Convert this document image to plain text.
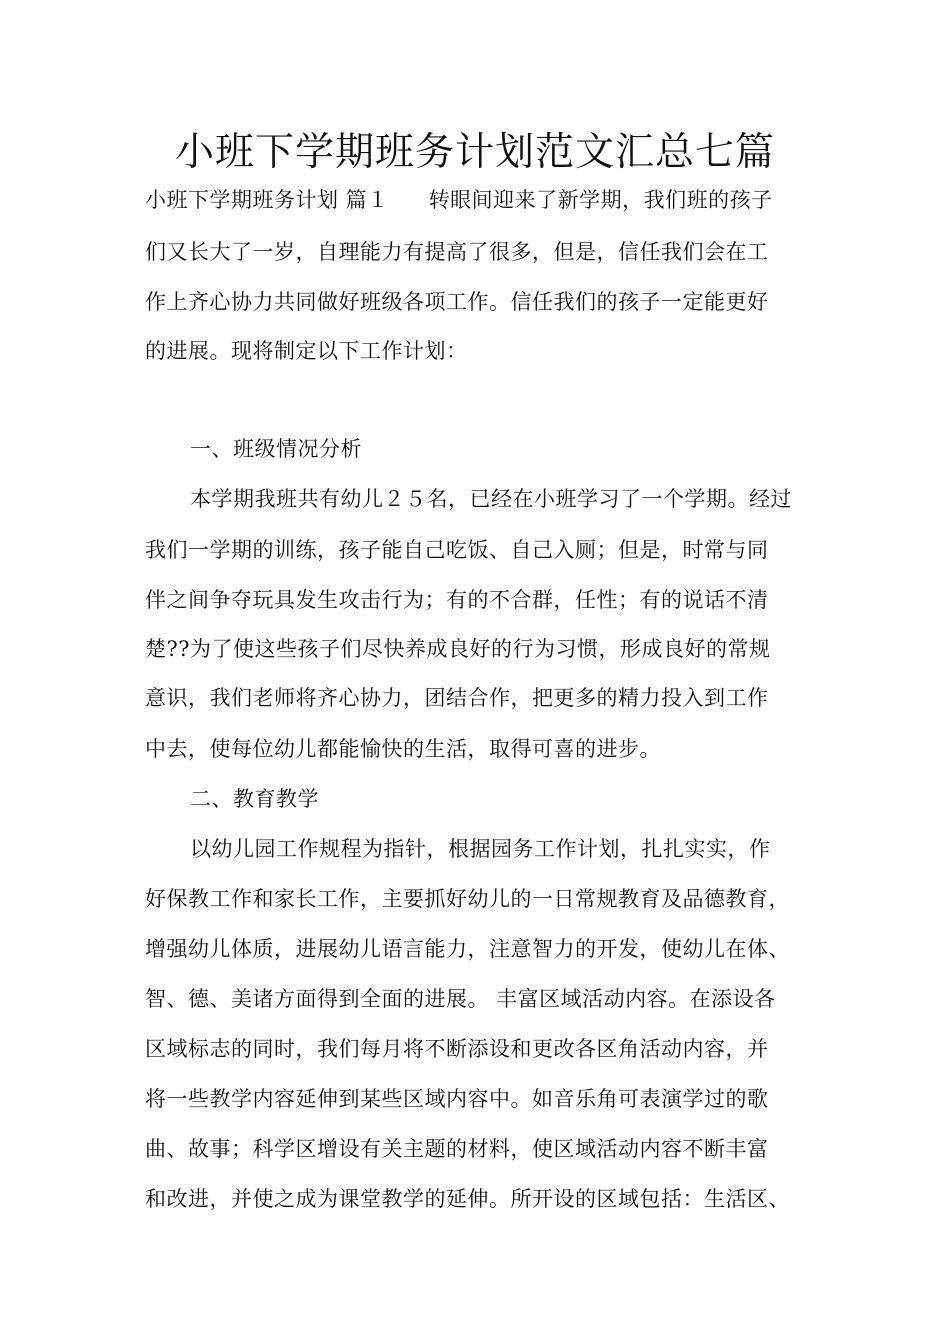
小班下学期班务计划范文汇总七篇
小班下学期班务计划 篇１ 转眼间迎来了新学期，我们班的孩子
们又长大了一岁，自理能力有提高了很多，但是，信任我们会在工
作上齐心协力共同做好班级各项工作。信任我们的孩子一定能更好
的进展。现将制定以下工作计划：
一、班级情况分析
本学期我班共有幼儿２５名，已经在小班学习了一个学期。经过
我们一学期的训练，孩子能自己吃饭、自己入厕；但是，时常与同
伴之间争夺玩具发生攻击行为；有的不合群，任性；有的说话不清
楚??为了使这些孩子们尽快养成良好的行为习惯，形成良好的常规
意识，我们老师将齐心协力，团结合作，把更多的精力投入到工作
中去，使每位幼儿都能愉快的生活，取得可喜的进步。
二、教育教学
以幼儿园工作规程为指针，根据园务工作计划，扎扎实实，作
好保教工作和家长工作，主要抓好幼儿的一日常规教育及品德教育，
增强幼儿体质，进展幼儿语言能力，注意智力的开发，使幼儿在体、
智、德、美诸方面得到全面的进展。 丰富区域活动内容。在添设各
区域标志的同时，我们每月将不断添设和更改各区角活动内容，并
将一些教学内容延伸到某些区域内容中。如音乐角可表演学过的歌
曲、故事；科学区增设有关主题的材料，使区域活动内容不断丰富
和改进，并使之成为课堂教学的延伸。所开设的区域包括：生活区、
